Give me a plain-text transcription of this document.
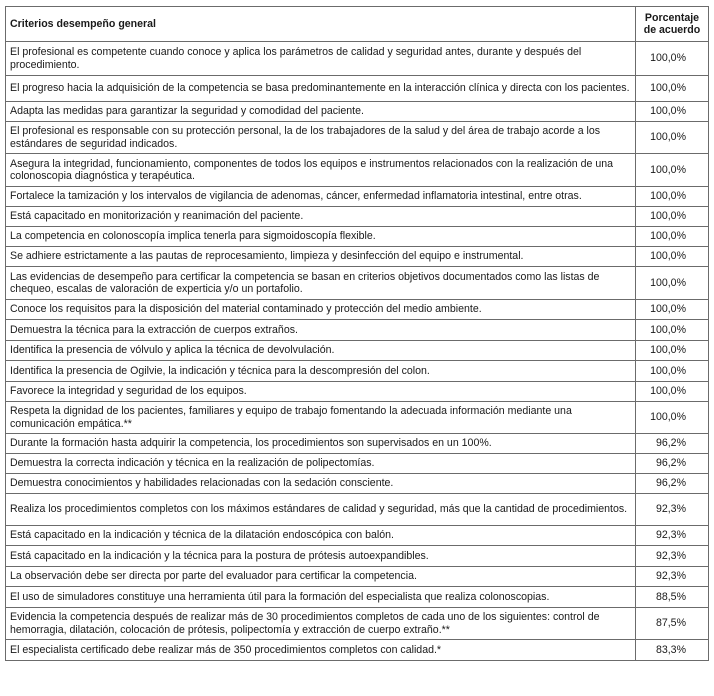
Criterios desempeño general	Porcentaje de acuerdo
El profesional es competente cuando conoce y aplica los parámetros de calidad y seguridad antes, durante y después del procedimiento.	100,0%
El progreso hacia la adquisición de la competencia se basa predominantemente en la interacción clínica y directa con los pacientes.	100,0%
Adapta las medidas para garantizar la seguridad y comodidad del paciente.	100,0%
El profesional es responsable con su protección personal, la de los trabajadores de la salud y del área de trabajo acorde a los estándares de seguridad indicados.	100,0%
Asegura la integridad, funcionamiento, componentes de todos los equipos e instrumentos relacionados con la realización de una colonoscopia diagnóstica y terapéutica.	100,0%
Fortalece la tamización y los intervalos de vigilancia de adenomas, cáncer, enfermedad inflamatoria intestinal, entre otras.	100,0%
Está capacitado en monitorización y reanimación del paciente.	100,0%
La competencia en colonoscopía implica tenerla para sigmoidoscopía flexible.	100,0%
Se adhiere estrictamente a las pautas de reprocesamiento, limpieza y desinfección del equipo e instrumental.	100,0%
Las evidencias de desempeño para certificar la competencia se basan en criterios objetivos documentados como las listas de chequeo, escalas de valoración de experticia y/o un portafolio.	100,0%
Conoce los requisitos para la disposición del material contaminado y protección del medio ambiente.	100,0%
Demuestra la técnica para la extracción de cuerpos extraños.	100,0%
Identifica la presencia de vólvulo y aplica la técnica de devolvulación.	100,0%
Identifica la presencia de Ogilvie, la indicación y técnica para la descompresión del colon.	100,0%
Favorece la integridad y seguridad de los equipos.	100,0%
Respeta la dignidad de los pacientes, familiares y equipo de trabajo fomentando la adecuada información mediante una comunicación empática.**	100,0%
Durante la formación hasta adquirir la competencia, los procedimientos son supervisados en un 100%.	96,2%
Demuestra la correcta indicación y técnica en la realización de polipectomías.	96,2%
Demuestra conocimientos y habilidades relacionadas con la sedación consciente.	96,2%
Realiza los procedimientos completos con los máximos estándares de calidad y seguridad, más que la cantidad de procedimientos.	92,3%
Está capacitado en la indicación y técnica de la dilatación endoscópica con balón.	92,3%
Está capacitado en la indicación y la técnica para la postura de prótesis autoexpandibles.	92,3%
La observación debe ser directa por parte del evaluador para certificar la competencia.	92,3%
El uso de simuladores constituye una herramienta útil para la formación del especialista que realiza colonoscopias.	88,5%
Evidencia la competencia después de realizar más de 30 procedimientos completos de cada uno de los siguientes: control de hemorragia, dilatación, colocación de prótesis, polipectomía y extracción de cuerpo extraño.**	87,5%
El especialista certificado debe realizar más de 350 procedimientos completos con calidad.*	83,3%
